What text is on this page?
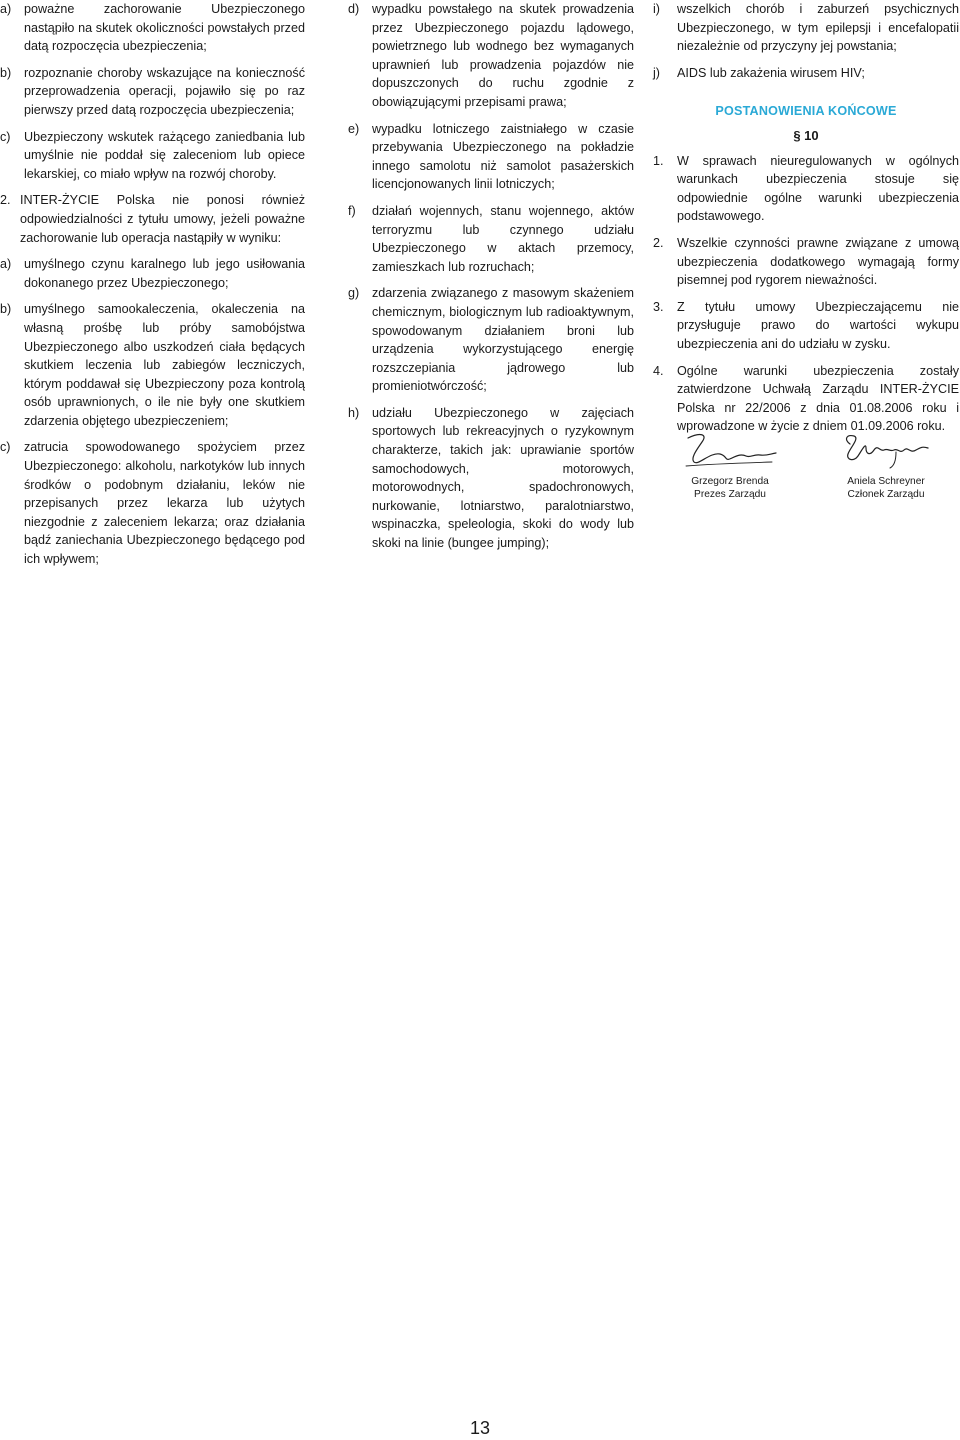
a) poważne zachorowanie Ubezpieczonego nastąpiło na skutek okoliczności powstałych przed datą rozpoczęcia ubezpieczenia;
b) rozpoznanie choroby wskazujące na konieczność przeprowadzenia operacji, pojawiło się po raz pierwszy przed datą rozpoczęcia ubezpieczenia;
c) Ubezpieczony wskutek rażącego zaniedbania lub umyślnie nie poddał się zaleceniom lub opiece lekarskiej, co miało wpływ na rozwój choroby.
2. INTER-ŻYCIE Polska nie ponosi również odpowiedzialności z tytułu umowy, jeżeli poważne zachorowanie lub operacja nastąpiły w wyniku:
a) umyślnego czynu karalnego lub jego usiłowania dokonanego przez Ubezpieczonego;
b) umyślnego samookaleczenia, okaleczenia na własną prośbę lub próby samobójstwa Ubezpieczonego albo uszkodzeń ciała będących skutkiem leczenia lub zabiegów leczniczych, którym poddawał się Ubezpieczony poza kontrolą osób uprawnionych, o ile nie były one skutkiem zdarzenia objętego ubezpieczeniem;
c) zatrucia spowodowanego spożyciem przez Ubezpieczonego: alkoholu, narkotyków lub innych środków o podobnym działaniu, leków nie przepisanych przez lekarza lub użytych niezgodnie z zaleceniem lekarza; oraz działania bądź zaniechania Ubezpieczonego będącego pod ich wpływem;
d) wypadku powstałego na skutek prowadzenia przez Ubezpieczonego pojazdu lądowego, powietrznego lub wodnego bez wymaganych uprawnień lub prowadzenia pojazdów nie dopuszczonych do ruchu zgodnie z obowiązującymi przepisami prawa;
e) wypadku lotniczego zaistniałego w czasie przebywania Ubezpieczonego na pokładzie innego samolotu niż samolot pasażerskich licencjonowanych linii lotniczych;
f) działań wojennych, stanu wojennego, aktów terroryzmu lub czynnego udziału Ubezpieczonego w aktach przemocy, zamieszkach lub rozruchach;
g) zdarzenia związanego z masowym skażeniem chemicznym, biologicznym lub radioaktywnym, spowodowanym działaniem broni lub urządzenia wykorzystującego energię rozszczepiania jądrowego lub promieniotwórczość;
h) udziału Ubezpieczonego w zajęciach sportowych lub rekreacyjnych o ryzykownym charakterze, takich jak: uprawianie sportów samochodowych, motorowych, motorowodnych, spadochronowych, nurkowanie, lotniarstwo, paralotniarstwo, wspinaczka, speleologia, skoki do wody lub skoki na linie (bungee jumping);
i) wszelkich chorób i zaburzeń psychicznych Ubezpieczonego, w tym epilepsji i encefalopatii niezależnie od przyczyny jej powstania;
j) AIDS lub zakażenia wirusem HIV;
POSTANOWIENIA KOŃCOWE
§ 10
1. W sprawach nieuregulowanych w ogólnych warunkach ubezpieczenia stosuje się odpowiednie ogólne warunki ubezpieczenia podstawowego.
2. Wszelkie czynności prawne związane z umową ubezpieczenia dodatkowego wymagają formy pisemnej pod rygorem nieważności.
3. Z tytułu umowy Ubezpieczającemu nie przysługuje prawo do wartości wykupu ubezpieczenia ani do udziału w zysku.
4. Ogólne warunki ubezpieczenia zostały zatwierdzone Uchwałą Zarządu INTER-ŻYCIE Polska nr 22/2006 z dnia 01.08.2006 roku i wprowadzone w życie z dniem 01.09.2006 roku.
Grzegorz Brenda
Prezes Zarządu
Aniela Schreyner
Członek Zarządu
13
